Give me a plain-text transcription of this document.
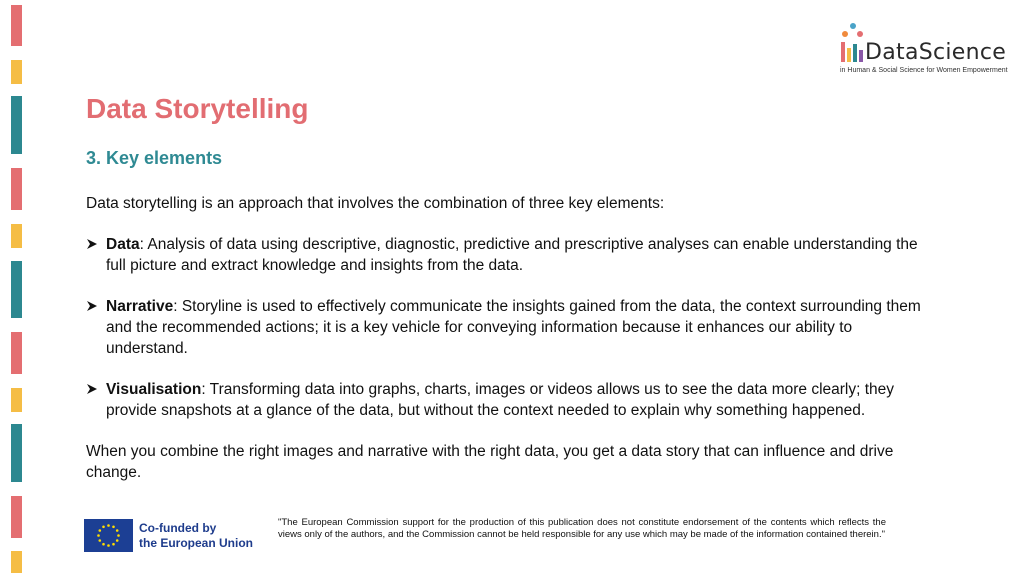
DataScience
in Human & Social Science for Women Empowerment
Data Storytelling
3. Key elements

Data storytelling is an approach that involves the combination of three key elements:

Data: Analysis of data using descriptive, diagnostic, predictive and prescriptive analyses can enable understanding the full picture and extract knowledge and insights from the data.
Narrative: Storyline is used to effectively communicate the insights gained from the data, the context surrounding them and the recommended actions; it is a key vehicle for conveying information because it enhances our ability to understand.
Visualisation: Transforming data into graphs, charts, images or videos allows us to see the data more clearly; they provide snapshots at a glance of the data, but without the context needed to explain why something happened.

When you combine the right images and narrative with the right data, you get a data story that can influence and drive change.

Co-funded by
the European Union

"The European Commission support for the production of this publication does not constitute endorsement of the contents which reflects the views only of the authors, and the Commission cannot be held responsible for any use which may be made of the information contained therein."
